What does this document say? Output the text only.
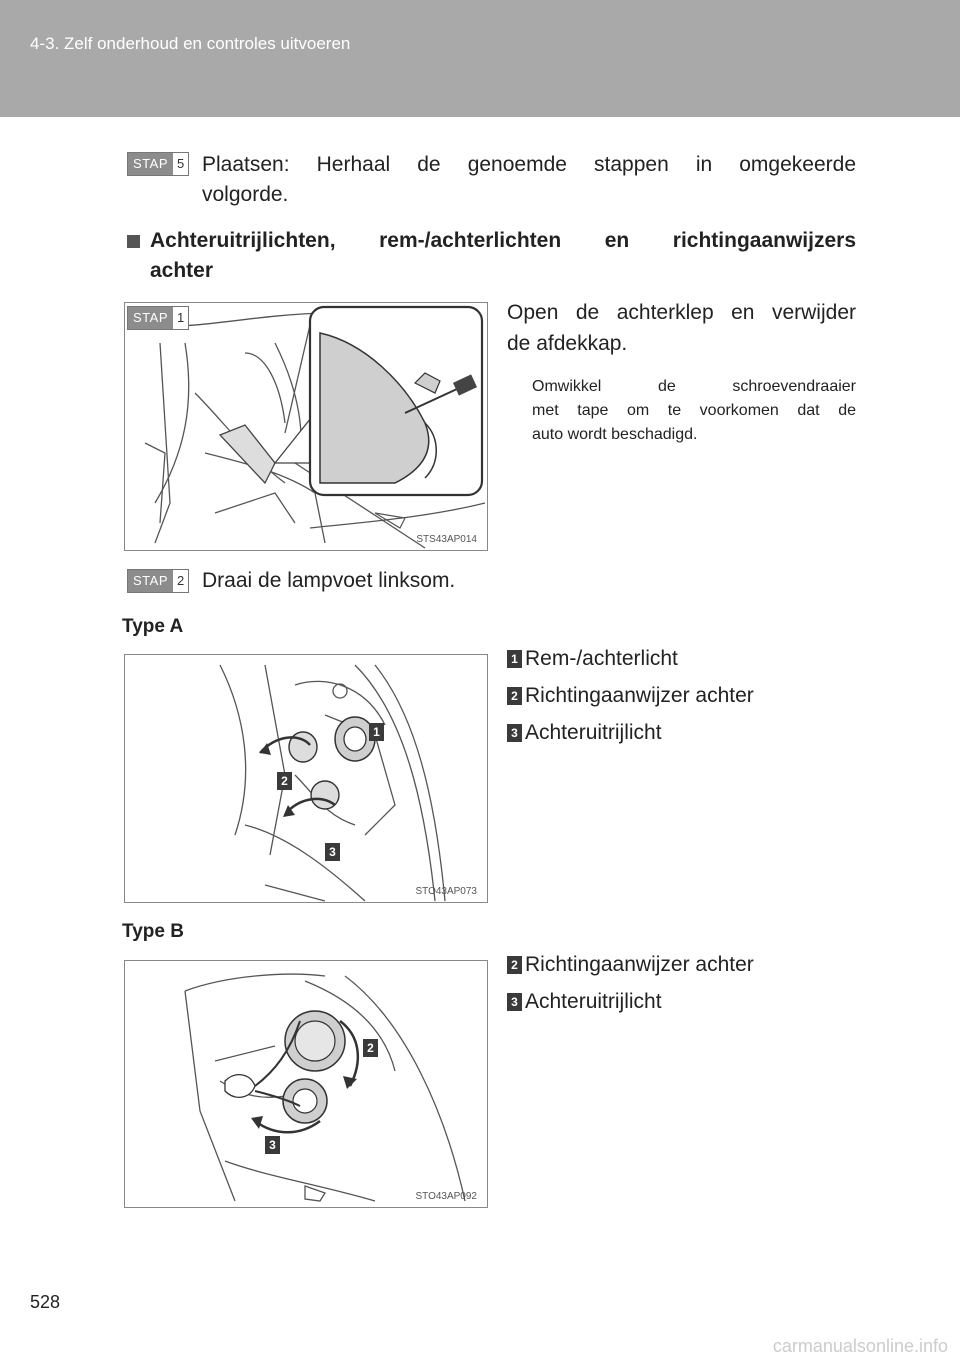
4-3. Zelf onderhoud en controles uitvoeren
STAP 5 Plaatsen: Herhaal de genoemde stappen in omgekeerde
volgorde.
Achteruitrijlichten, rem-/achterlichten en richtingaanwijzers
achter
STAP 1
STS43AP014
Open de achterklep en verwijder
de afdekkap.
Omwikkel de schroevendraaier
met tape om te voorkomen dat de
auto wordt beschadigd.
STAP 2 Draai de lampvoet linksom.
Type A
1
2
3
STO43AP073
1 Rem-/achterlicht
2 Richtingaanwijzer achter
3 Achteruitrijlicht
Type B
2
3
STO43AP092
2 Richtingaanwijzer achter
3 Achteruitrijlicht
528
carmanualsonline.info
